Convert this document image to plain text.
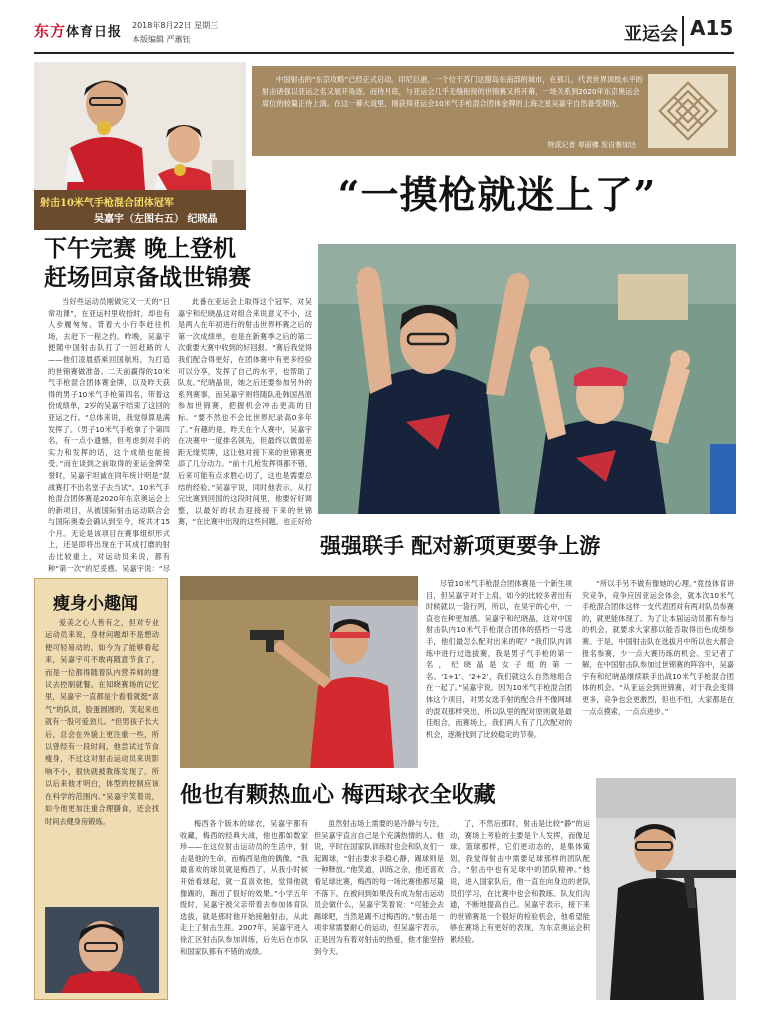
东方体育日报 2018年8月22日 星期三
本版编辑 严蕙钰	亚运会 A15
射击10米气手枪混合团体冠军
吴嘉宇（左图右五） 纪晓晶
中国射击的“东京攻略”已经正式启动。印尼巨港，一个位于苏门达腊岛东南部的城市，在那儿，代表世界顶级水平的射击诸强以亚运之名又展开角逐。而待月底，与亚运会几乎无缝衔接的世锦赛又将开幕，一场关系到2020年东京奥运会席位的较量正待上演。在这一幕大戏里，刚获得亚运会10米气手枪混合团体金牌的上海之星吴嘉宇自然备受期待。
特派记者 草丽佛 发自雅加达
“一摸枪就迷上了”
下午完赛 晚上登机
赶场回京备战世锦赛
当好些运动员刚做完又一天的“日常功课”，在亚运村里收拾时，却也有人步履匆匆。背着大小行李赶往机场，去赶下一程之约。昨晚，吴嘉宇便随中国射击队打了一回赶路的人——他们凌晨搭乘回国航班，为打造的世锦赛做准备。二天前赢得的10米气手枪混合团体赛金牌，以及昨天获得的男子10米气手枪第四名，带着这份成绩单，2岁的吴嘉宇结束了这回的亚运之行。“总体来说，我觉得算是满发挥了。（男子10米气手枪拿了个第四名，有一点小遗憾，但考虑到对手的实力和发挥的话，这个成绩也能接受。”而在谈到之前取得的亚运金牌荣誉时，吴嘉宇坦诚在同年统计明是“混战赛打不出名堂子去当试”。10米气手枪混合团体赛是2020年东京奥运会上的新项目，从被国际射击运动联合会与国际奥委会确认到至今，统共才15个月。无论是该项目在赛事组织形式上，还是即将出现在于其成打磨的射击比较重上，对运动员来说，都有种“第一次”的尼妥感。吴嘉宇说：“尽
此番在亚运会上取得这个冠军，对吴嘉宇和纪晓晶这对组合来说意义不小，这是两人在年初进行的射击世界杯赛之后的第一次成绩单，也是在新赛季之后的第二次重要大赛中收到的好回报。“赛后我觉得我们配合得更好，在团体赛中有更多经验可以分享，发挥了自己的水平，也帮助了队友。”纪晓晶说，她之后还要参加另外的系列赛事，而吴嘉宇则将随队赴韩国昌原参加世锦赛，把握机会冲击更高的目标。“要不然也不会比世界纪录高0多年了。”有趣的是，昨天在个人赛中，吴嘉宇在决赛中一度排名领先，但最终以微弱差距无缘奖牌，这让他对接下来的世锦赛更添了几分动力。“前十几枪发挥得都不错，后来可能有点求胜心切了，这也是需要总结的经验。”吴嘉宇说，同时他表示，从打完比赛到回国的这段时间里，他要好好调整，以最好的状态迎接接下来的世锦赛，“在比赛中出现的这些问题，也正好给
强强联手 配对新项更要争上游
瘦身小趣闻
爱美之心人皆有之，但对专业运动员来说，身材问题却不是想动便可轻易动的。如今为了能够看起来，吴嘉宇可不敢再随意节食了，而是一位都得随着队内营养师的建议去控制就餐。在知晓赛场的记忆里，吴嘉宇一直都是个看着就挺“喜气”的队员，脸蛋圆圆的，笑起来也就有一股可爱劲儿。“但男孩子长大后，总会在外貌上更注重一些，所以曾经有一段时间，他尝试过节食瘦身，不过这对射击运动员来说影响不小，很快就被教练发现了。所以后来他才明白，体型的控制应该在科学的范围内。”吴嘉宇笑着说，如今他更加注重合理膳食，还会找时间去健身房锻炼。
尽管10米气手枪混合团体赛是一个新生项目，但吴嘉宇对于上肩，如今的比较多者出有时候就以一袋行列，所以，在昊宇的心中，一直也在种更加感。吴嘉宇和纪晓晶，这对中国射击队内10米气手枪混合团体的搭档一号选手，他们最怎么配对出来的呢？“我们队内训练中进行过选拔赛，我是男子气手枪的第一名，纪晓晶是女子组的第一名。‘1+1’、‘2+2’，我们就这么自然地组合在一起了。”吴嘉宇说。因为10米气手枪混合团体这个项目，对男女选手射的配合并不像网球的混双那样突出，所以队里的配对原则就是最佳组合，而赛场上，我们两人有了几次配对的机会，逐渐找到了比较稳定的节奏。
“所以手另不做有像她的心理。”竟技体育讲究竞争，竞争应因亚运会体会，就本次10米气手枪混合团体这样一支代表团对有两对队员参赛的，就更能体现了。为了让本届运动员都有参与的机会，就要求大家都以能否取得出色成绩参赛。于是，中国射击队在选拔月中所以也大都会报名参赛，少一点大赛历练的机会。至记者了解，在中国射击队参加过世锦赛的阵容中，吴嘉宇有和纪晓晶继续联手出战10米气手枪混合团体的机会。“从亚运会到世锦赛，对于我会变得更多，竞争也会更激烈，但也不怕，大家都是在一点点摸索，一点点进步。”
他也有颗热血心 梅西球衣全收藏
梅西各个版本的球衣，吴嘉宇都有收藏，梅西的经典大战，他也都如数家珍——在这位射击运动员的生活中，射击是他的生命，而梅西是他的偶像。“我最喜欢的球员就是梅西了，从我小时候开始看球起，就一直喜欢他，觉得他就像踢的，踢出了很好的效果。”小学五年级时，吴嘉宇被父亲带着去参加体育队选拔，就是那时他开始接触射击，从此走上了射击生涯。2007年，吴嘉宇进入徐汇区射击队参加训练，后先后在市队和国家队都有不错的成绩。
虽然射击场上需要的是冷静与专注，但吴嘉宇直言自己是个充满热情的人。他说，平时在国家队训练时也会和队友们一起踢球，“射击要求手稳心静，踢球则是一种释放。”他笑道，训练之余，他还喜欢看足球比赛，梅西的每一场比赛他都尽量不落下。在被问到如果没有成为射击运动员会做什么，吴嘉宇笑着说：“可能会去踢球吧，当然是踢不过梅西的。”射击是一项非常需要耐心的运动，但吴嘉宇表示，正是因为有着对射击的热爱，他才能坚持到今天。
了，不然后那时，射击是比较“静”的运动，赛场上考验的主要是个人发挥，而像足球、篮球那样，它们更动态的，是集体策划，我觉得射击中需要足球那样的团队配合，“射击中也有足球中的团队精神。”他说，进入国家队后，他一直在向身边的老队员们学习，在比赛中也会和教练、队友们沟通，不断地提高自己。吴嘉宇表示，接下来的世锦赛是一个很好的检验机会，他希望能够在赛场上有更好的表现，为东京奥运会积累经验。
